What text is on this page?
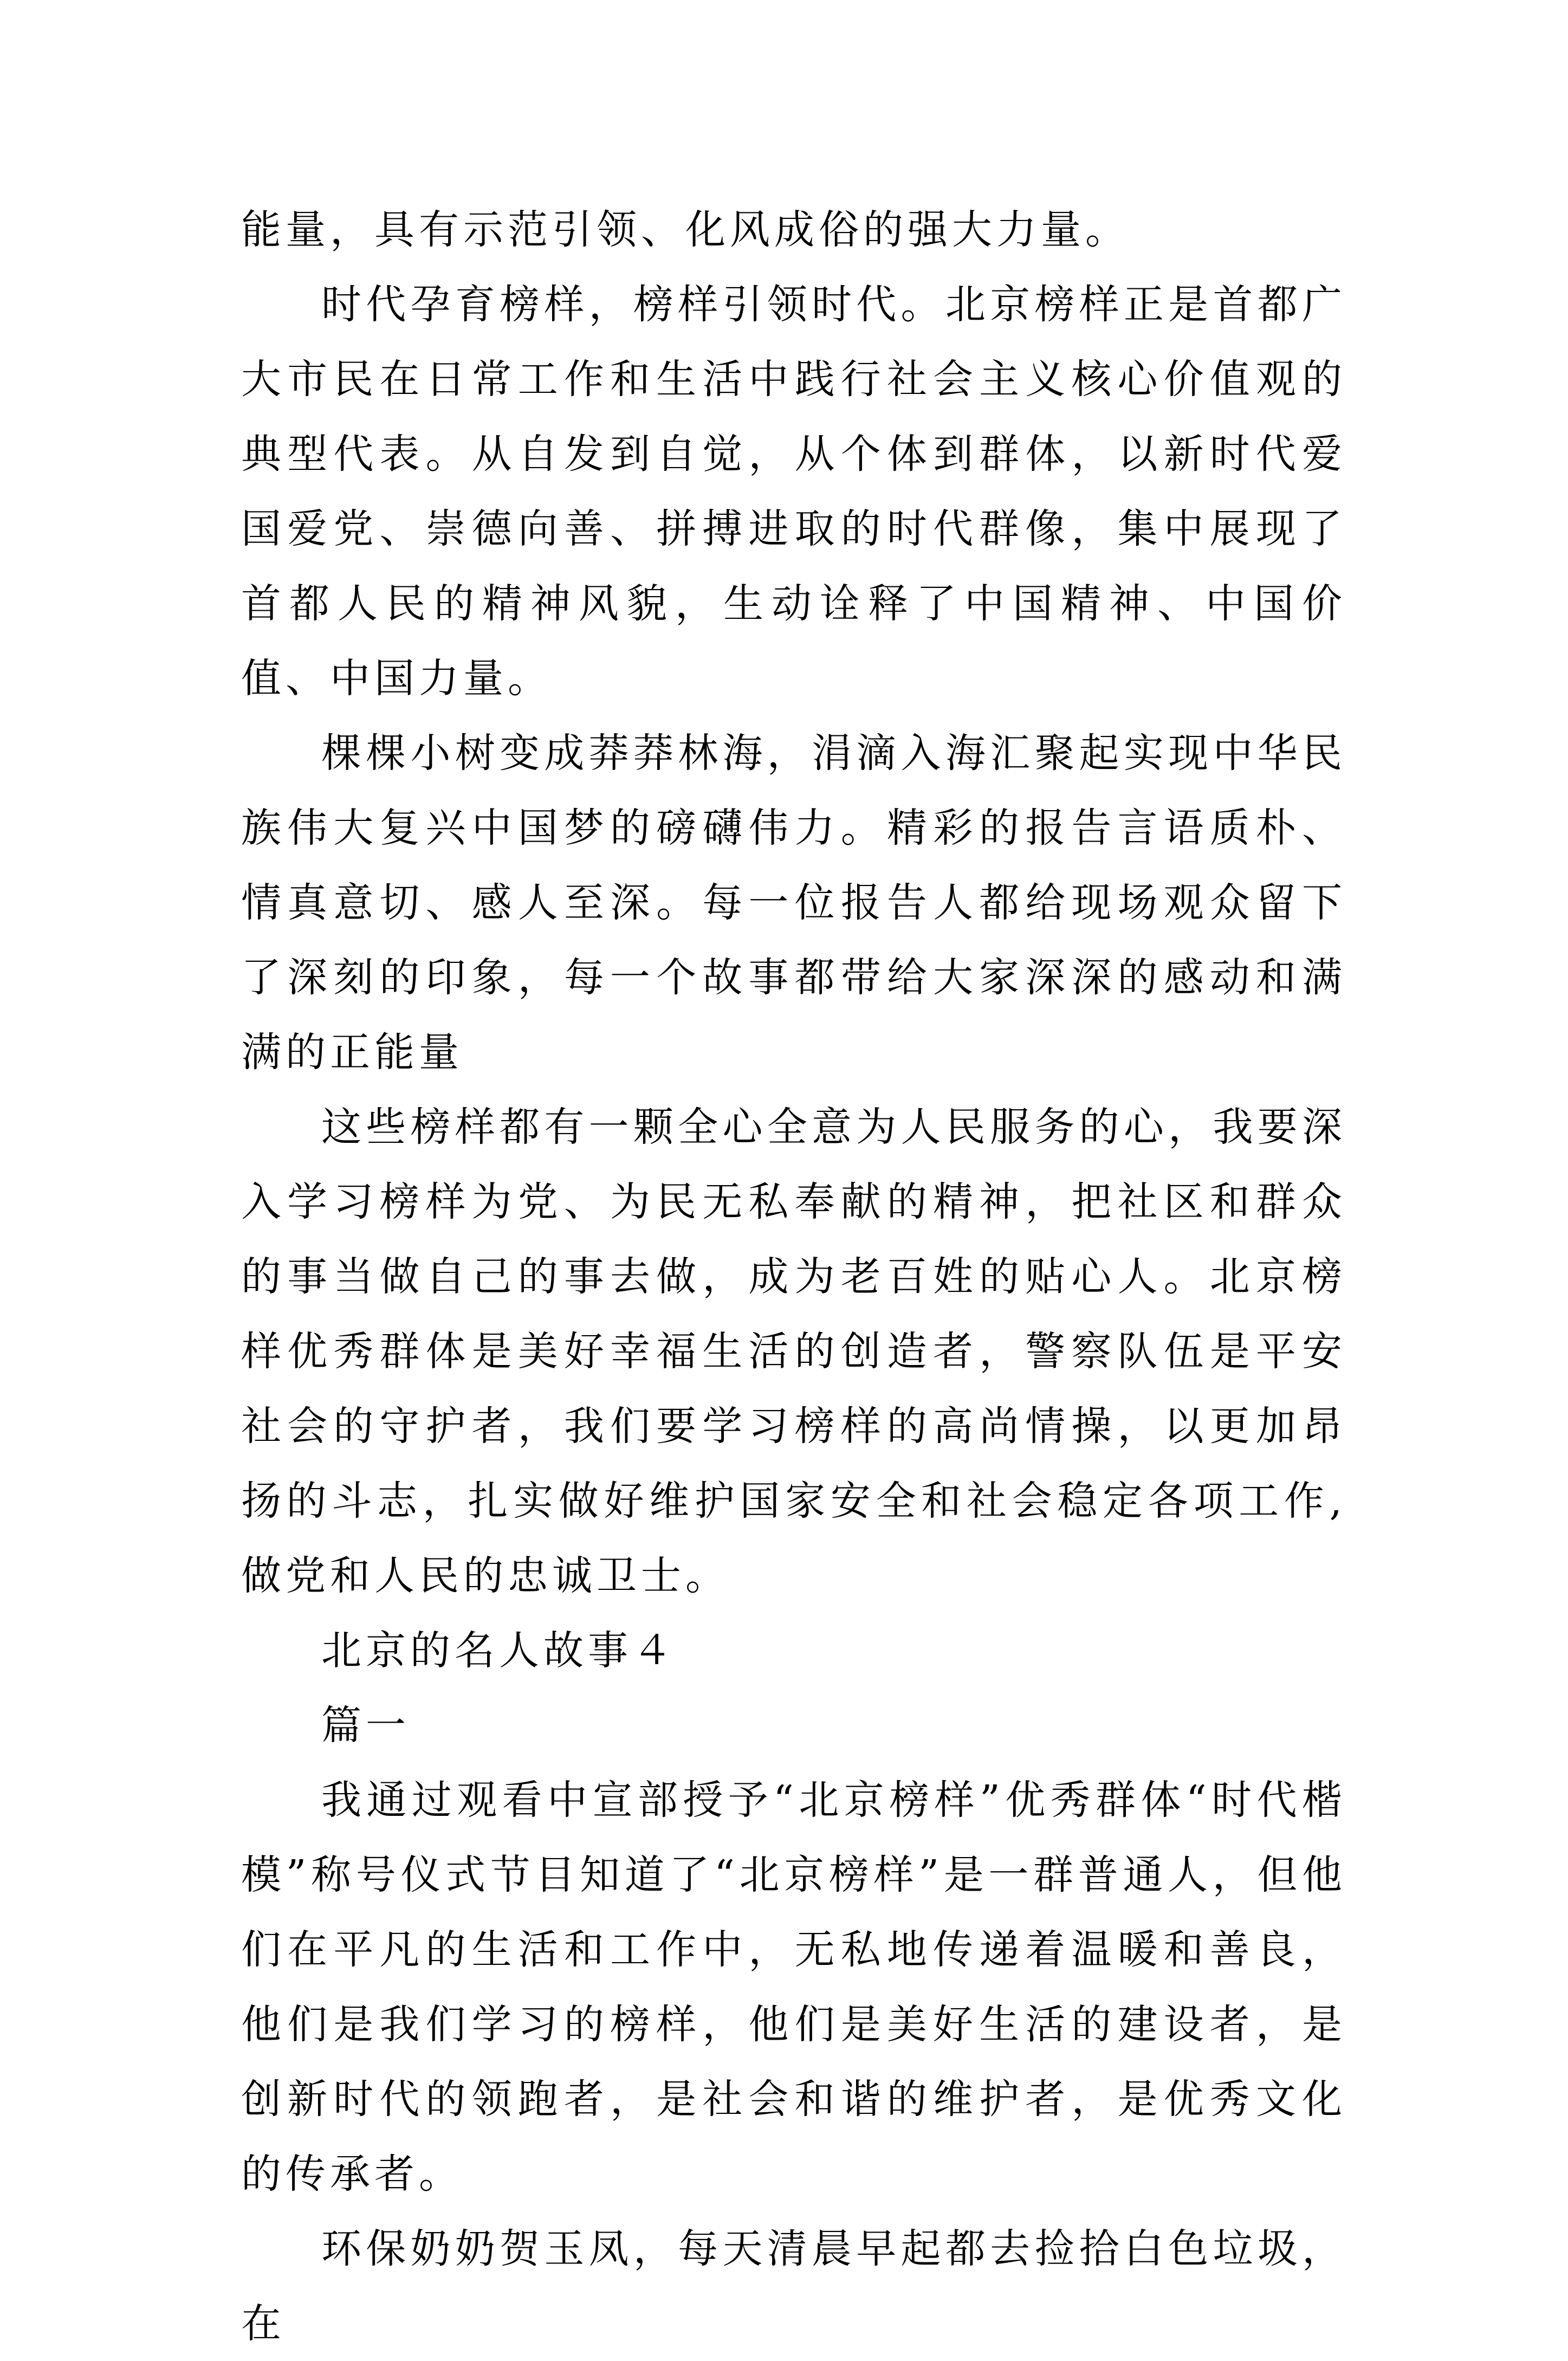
能量，具有示范引领、化风成俗的强大力量。

时代孕育榜样，榜样引领时代。北京榜样正是首都广大市民在日常工作和生活中践行社会主义核心价值观的典型代表。从自发到自觉，从个体到群体，以新时代爱国爱党、崇德向善、拼搏进取的时代群像，集中展现了首都人民的精神风貌，生动诠释了中国精神、中国价值、中国力量。

棵棵小树变成莽莽林海，涓滴入海汇聚起实现中华民族伟大复兴中国梦的磅礴伟力。精彩的报告言语质朴、情真意切、感人至深。每一位报告人都给现场观众留下了深刻的印象，每一个故事都带给大家深深的感动和满满的正能量

这些榜样都有一颗全心全意为人民服务的心，我要深入学习榜样为党、为民无私奉献的精神，把社区和群众的事当做自己的事去做，成为老百姓的贴心人。北京榜样优秀群体是美好幸福生活的创造者，警察队伍是平安社会的守护者，我们要学习榜样的高尚情操，以更加昂扬的斗志，扎实做好维护国家安全和社会稳定各项工作,做党和人民的忠诚卫士。

北京的名人故事４

篇一

我通过观看中宣部授予“北京榜样”优秀群体“时代楷模”称号仪式节目知道了“北京榜样”是一群普通人，但他们在平凡的生活和工作中，无私地传递着温暖和善良，他们是我们学习的榜样，他们是美好生活的建设者，是创新时代的领跑者，是社会和谐的维护者，是优秀文化的传承者。

环保奶奶贺玉凤，每天清晨早起都去捡拾白色垃圾，在
